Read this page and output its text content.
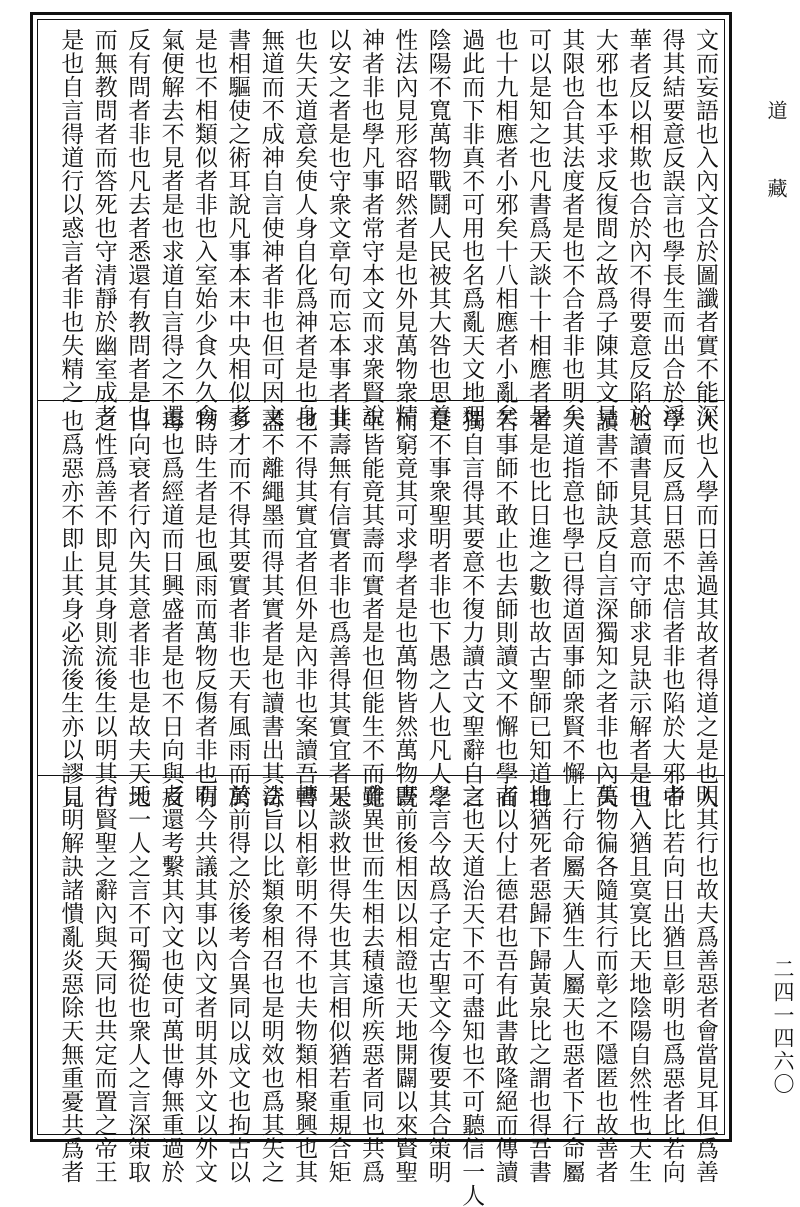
文而妄語也入內文合於圖讖者實不能深
得其結要意反誤言也學長生而出合於浮
華者反以相欺也合於內不得要意反陷於
大邪也本乎求反復間之故爲子陳其文見
其限也合其法度者是也不合者非也明矣
可以是知之也凡書爲天談十十相應者是
也十九相應者小邪矣十八相應者小亂矣
過此而下非真不可用也名爲亂天文地理
陰陽不寬萬物戰鬪人民被其大咎也思養
性法內見形容昭然者是也外見萬物衆精
神者非也學凡事者常守本文而求衆賢說
以安之者是也守衆文章句而忘本事者非
也失天道意矣使人身自化爲神者是也身
無道而不成神自言使神者非也但可因文
書相驅使之術耳說凡事本末中央相似者
是也不相類似者非也入室始少食久久食
氣便解去不見者是也求道自言得之不還
反有問者非也凡去者悉還有教問者是也
而無教問者而答死也守清靜於幽室成者
是也自言得道行以惑言者非也失精之
人也入學而日善過其故者得道之是也入
學而反爲日惡不忠信者非也陷於大邪中
也讀書見其意而守師求見訣示解者是也
讀書不師訣反自言深獨知之者非也內失
大道指意也學已得道固事師衆賢不懈
者是也比日進之數也故古聖師已知道自
若事師不敢止也去師則讀文不懈也學而
獨自言得其要意不復力讀古文聖辭自言
是不事衆聖明者非也下愚之人也凡人學
而窮竟其可求學者是也萬物皆然萬物既
生皆能竟其壽而實者是也但能生不而竟
其壽無有信實者非也爲善得其實宜者是
也不得其實宜者但外是內非也案讀吾書
盡不離繩墨而得其實者是也讀書出其奇
多才而不得其要實者非也天有風雨而萬
物時生者是也風雨而萬物反傷者非也有
毒也爲經道而日興盛者是也不日向與反
日向衰者行內失其意者非也是故夫天地
之性爲善不即見其身則流後生以明其行
也爲惡亦不即止其身必流後生亦以謬見
明其行也故夫爲善惡者會當見耳但爲善
者比若向日出猶旦彰明也爲惡者比若向
日入猶且寞寞比天地陰陽自然性也天生
萬物徧各隨其行而彰之不隱匿也故善者
上行命屬天猶生人屬天也惡者下行命屬
地猶死者惡歸下歸黃泉比之謂也得吾書
者以付上德君也吾有此書敢隆絕而傳讀
之也天道治天下不可盡知也不可聽信一人
之言今故爲子定古聖文今復要其合策明
書前後相因以相證也天地開闢以來賢聖
雖異世而生相去積遠所疾惡者同也共爲
天談救世得失也其言相似猶若重規合矩
轉以相彰明不得不也夫物類相聚興也其
法旨以比類象相召也是明效也爲其失之
於前得之於後考合異同以成文也拘古以
明今共議其事以內文者明其外文以外文
者還考繫其內文也使可萬世傳無重過於
天一人之言不可獨從也衆人之言深策取
古賢聖之辭內與天同也共定而置之帝王
日明解訣諸憒亂炎惡除天無重憂共爲者
道藏
二四一四六〇
